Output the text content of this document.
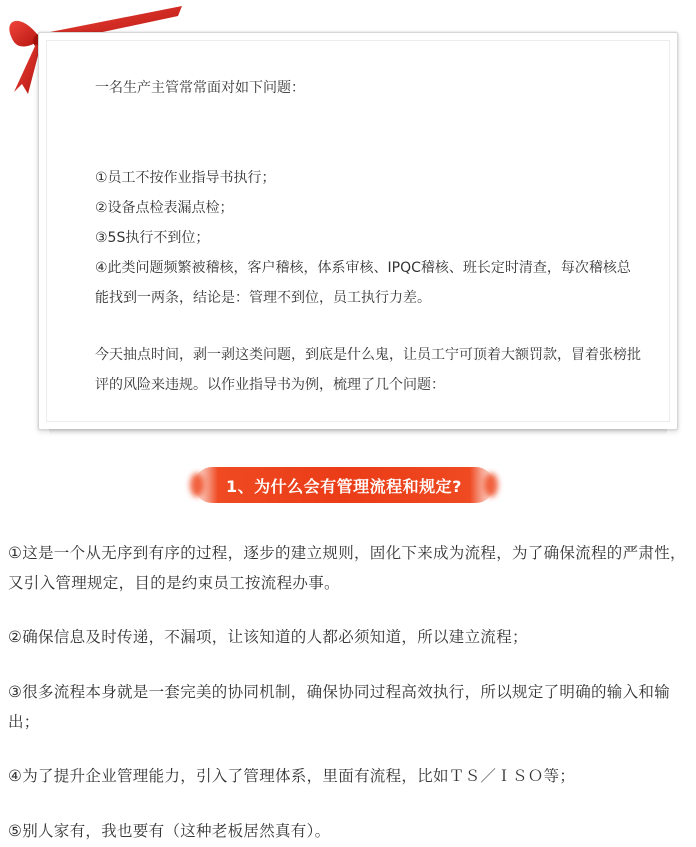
一名生产主管常常面对如下问题：
①员工不按作业指导书执行；
②设备点检表漏点检；
③5S执行不到位；
④此类问题频繁被稽核，客户稽核，体系审核、IPQC稽核、班长定时清查，每次稽核总能找到一两条，结论是：管理不到位，员工执行力差。
今天抽点时间，剥一剥这类问题，到底是什么鬼，让员工宁可顶着大额罚款，冒着张榜批评的风险来违规。以作业指导书为例，梳理了几个问题：
1、为什么会有管理流程和规定?
①这是一个从无序到有序的过程，逐步的建立规则，固化下来成为流程，为了确保流程的严肃性，又引入管理规定，目的是约束员工按流程办事。
②确保信息及时传递，不漏项，让该知道的人都必须知道，所以建立流程；
③很多流程本身就是一套完美的协同机制，确保协同过程高效执行，所以规定了明确的输入和输出；
④为了提升企业管理能力，引入了管理体系，里面有流程，比如ＴＳ／ＩＳＯ等；
⑤别人家有，我也要有（这种老板居然真有）。
